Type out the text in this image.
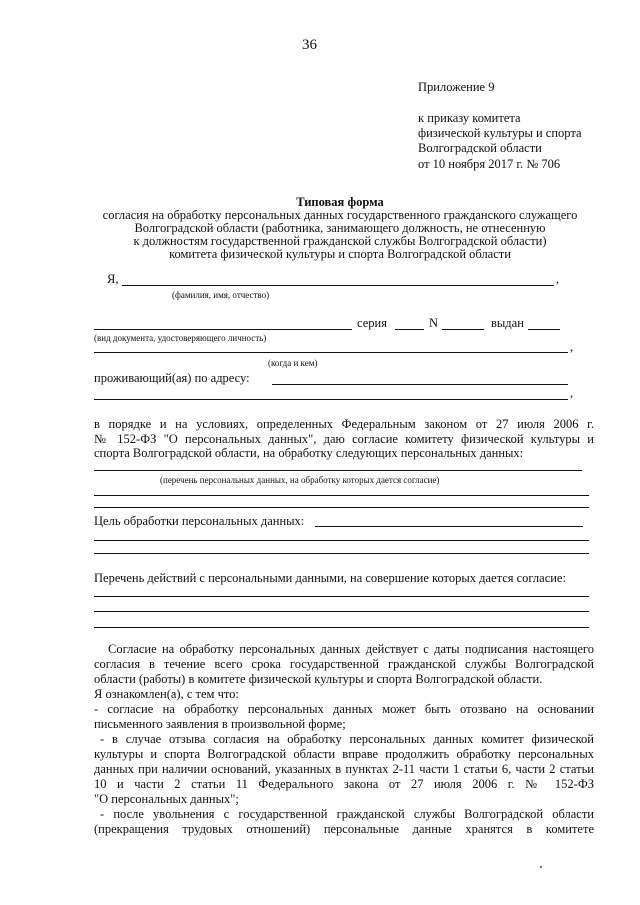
36
Приложение 9
к приказу комитета
физической культуры и спорта
Волгоградской области
от 10 ноября 2017 г. № 706
Типовая форма
согласия на обработку персональных данных государственного гражданского служащего
Волгоградской области (работника, занимающего должность, не отнесенную
к должностям государственной гражданской службы Волгоградской области)
комитета физической культуры и спорта Волгоградской области
Я,	,
(фамилия, имя, отчество)
серия	N	выдан
(вид документа, удостоверяющего личность)
,
(когда и кем)
проживающий(ая) по адресу:
,
в порядке и на условиях, определенных Федеральным законом от 27 июля 2006 г.
№ 152-ФЗ "О персональных данных", даю согласие комитету физической культуры и
спорта Волгоградской области, на обработку следующих персональных данных:
(перечень персональных данных, на обработку которых дается согласие)
Цель обработки персональных данных:
Перечень действий с персональными данными, на совершение которых дается согласие:
Согласие на обработку персональных данных действует с даты подписания настоящего
согласия в течение всего срока государственной гражданской службы Волгоградской
области (работы) в комитете физической культуры и спорта Волгоградской области.
Я ознакомлен(а), с тем что:
- согласие на обработку персональных данных может быть отозвано на основании
письменного заявления в произвольной форме;
- в случае отзыва согласия на обработку персональных данных комитет физической
культуры и спорта Волгоградской области вправе продолжить обработку персональных
данных при наличии оснований, указанных в пунктах 2-11 части 1 статьи 6, части 2 статьи
10 и части 2 статьи 11 Федерального закона от 27 июля 2006 г. № 152-ФЗ
"О персональных данных";
- после увольнения с государственной гражданской службы Волгоградской области
(прекращения трудовых отношений) персональные данные хранятся в комитете
